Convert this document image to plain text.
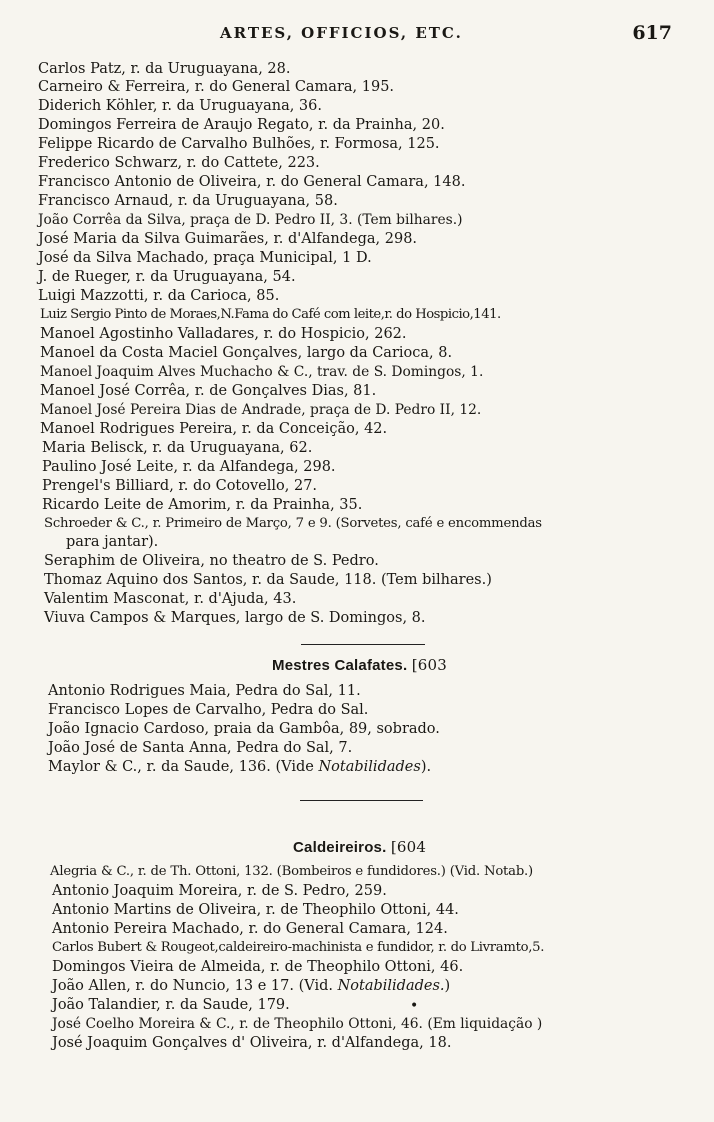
ARTES, OFFICIOS, ETC.	617
Carlos Patz, r. da Uruguayana, 28.
Carneiro & Ferreira, r. do General Camara, 195.
Diderich Köhler, r. da Uruguayana, 36.
Domingos Ferreira de Araujo Regato, r. da Prainha, 20.
Felippe Ricardo de Carvalho Bulhões, r. Formosa, 125.
Frederico Schwarz, r. do Cattete, 223.
Francisco Antonio de Oliveira, r. do General Camara, 148.
Francisco Arnaud, r. da Uruguayana, 58.
João Corrêa da Silva, praça de D. Pedro II, 3. (Tem bilhares.)
José Maria da Silva Guimarães, r. d'Alfandega, 298.
José da Silva Machado, praça Municipal, 1 D.
J. de Rueger, r. da Uruguayana, 54.
Luigi Mazzotti, r. da Carioca, 85.
Luiz Sergio Pinto de Moraes,N.Fama do Café com leite,r. do Hospicio,141.
Manoel Agostinho Valladares, r. do Hospicio, 262.
Manoel da Costa Maciel Gonçalves, largo da Carioca, 8.
Manoel Joaquim Alves Muchacho & C., trav. de S. Domingos, 1.
Manoel José Corrêa, r. de Gonçalves Dias, 81.
Manoel José Pereira Dias de Andrade, praça de D. Pedro II, 12.
Manoel Rodrigues Pereira, r. da Conceição, 42.
Maria Belisck, r. da Uruguayana, 62.
Paulino José Leite, r. da Alfandega, 298.
Prengel's Billiard, r. do Cotovello, 27.
Ricardo Leite de Amorim, r. da Prainha, 35.
Schroeder & C., r. Primeiro de Março, 7 e 9. (Sorvetes, café e encommendas
para jantar).
Seraphim de Oliveira, no theatro de S. Pedro.
Thomaz Aquino dos Santos, r. da Saude, 118. (Tem bilhares.)
Valentim Masconat, r. d'Ajuda, 43.
Viuva Campos & Marques, largo de S. Domingos, 8.
Mestres Calafates. [603
Antonio Rodrigues Maia, Pedra do Sal, 11.
Francisco Lopes de Carvalho, Pedra do Sal.
João Ignacio Cardoso, praia da Gambôa, 89, sobrado.
João José de Santa Anna, Pedra do Sal, 7.
Maylor & C., r. da Saude, 136. (Vide Notabilidades).
Caldeireiros. [604
Alegria & C., r. de Th. Ottoni, 132. (Bombeiros e fundidores.) (Vid. Notab.)
Antonio Joaquim Moreira, r. de S. Pedro, 259.
Antonio Martins de Oliveira, r. de Theophilo Ottoni, 44.
Antonio Pereira Machado, r. do General Camara, 124.
Carlos Bubert & Rougeot,caldeireiro-machinista e fundidor, r. do Livramto,5.
Domingos Vieira de Almeida, r. de Theophilo Ottoni, 46.
João Allen, r. do Nuncio, 13 e 17. (Vid. Notabilidades.)
João Talandier, r. da Saude, 179.	•
José Coelho Moreira & C., r. de Theophilo Ottoni, 46. (Em liquidação )
José Joaquim Gonçalves d' Oliveira, r. d'Alfandega, 18.
